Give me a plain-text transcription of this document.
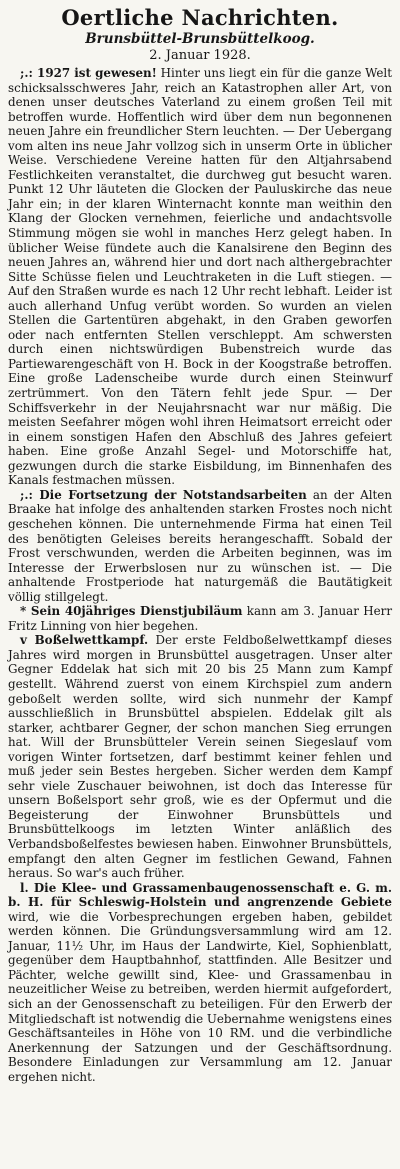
Oertliche Nachrichten.
Brunsbüttel-Brunsbüttelkoog.
2. Januar 1928.

;.: 1927 ist gewesen! Hinter uns liegt ein für die ganze Welt schicksalsschweres Jahr, reich an Katastrophen aller Art, von denen unser deutsches Vaterland zu einem großen Teil mit betroffen wurde. Hoffentlich wird über dem nun begonnenen neuen Jahre ein freundlicher Stern leuchten. — Der Uebergang vom alten ins neue Jahr vollzog sich in unserm Orte in üblicher Weise. Verschiedene Vereine hatten für den Altjahrsabend Festlichkeiten veranstaltet, die durchweg gut besucht waren. Punkt 12 Uhr läuteten die Glocken der Pauluskirche das neue Jahr ein; in der klaren Winternacht konnte man weithin den Klang der Glocken vernehmen, feierliche und andachtsvolle Stimmung mögen sie wohl in manches Herz gelegt haben. In üblicher Weise fündete auch die Kanalsirene den Beginn des neuen Jahres an, während hier und dort nach althergebrachter Sitte Schüsse fielen und Leuchtraketen in die Luft stiegen. — Auf den Straßen wurde es nach 12 Uhr recht lebhaft. Leider ist auch allerhand Unfug verübt worden. So wurden an vielen Stellen die Gartentüren abgehakt, in den Graben geworfen oder nach entfernten Stellen verschleppt. Am schwersten durch einen nichtswürdigen Bubenstreich wurde das Partiewarengeschäft von H. Bock in der Koogstraße betroffen. Eine große Ladenscheibe wurde durch einen Steinwurf zertrümmert. Von den Tätern fehlt jede Spur. — Der Schiffsverkehr in der Neujahrsnacht war nur mäßig. Die meisten Seefahrer mögen wohl ihren Heimatsort erreicht oder in einem sonstigen Hafen den Abschluß des Jahres gefeiert haben. Eine große Anzahl Segel- und Motorschiffe hat, gezwungen durch die starke Eisbildung, im Binnenhafen des Kanals festmachen müssen.

;.: Die Fortsetzung der Notstandsarbeiten an der Alten Braake hat infolge des anhaltenden starken Frostes noch nicht geschehen können. Die unternehmende Firma hat einen Teil des benötigten Geleises bereits herangeschafft. Sobald der Frost verschwunden, werden die Arbeiten beginnen, was im Interesse der Erwerbslosen nur zu wünschen ist. — Die anhaltende Frostperiode hat naturgemäß die Bautätigkeit völlig stillgelegt.

* Sein 40jähriges Dienstjubiläum kann am 3. Januar Herr Fritz Linning von hier begehen.

v Boßelwettkampf. Der erste Feldboßelwettkampf dieses Jahres wird morgen in Brunsbüttel ausgetragen. Unser alter Gegner Eddelak hat sich mit 20 bis 25 Mann zum Kampf gestellt. Während zuerst von einem Kirchspiel zum andern geboßelt werden sollte, wird sich nunmehr der Kampf ausschließlich in Brunsbüttel abspielen. Eddelak gilt als starker, achtbarer Gegner, der schon manchen Sieg errungen hat. Will der Brunsbütteler Verein seinen Siegeslauf vom vorigen Winter fortsetzen, darf bestimmt keiner fehlen und muß jeder sein Bestes hergeben. Sicher werden dem Kampf sehr viele Zuschauer beiwohnen, ist doch das Interesse für unsern Boßelsport sehr groß, wie es der Opfermut und die Begeisterung der Einwohner Brunsbüttels und Brunsbüttelkoogs im letzten Winter anläßlich des Verbandsboßelfestes bewiesen haben. Einwohner Brunsbüttels, empfangt den alten Gegner im festlichen Gewand, Fahnen heraus. So war's auch früher.

l. Die Klee- und Grassamenbaugenossenschaft e. G. m. b. H. für Schleswig-Holstein und angrenzende Gebiete wird, wie die Vorbesprechungen ergeben haben, gebildet werden können. Die Gründungsversammlung wird am 12. Januar, 11½ Uhr, im Haus der Landwirte, Kiel, Sophienblatt, gegenüber dem Hauptbahnhof, stattfinden. Alle Besitzer und Pächter, welche gewillt sind, Klee- und Grassamenbau in neuzeitlicher Weise zu betreiben, werden hiermit aufgefordert, sich an der Genossenschaft zu beteiligen. Für den Erwerb der Mitgliedschaft ist notwendig die Uebernahme wenigstens eines Geschäftsanteiles in Höhe von 10 RM. und die verbindliche Anerkennung der Satzungen und der Geschäftsordnung. Besondere Einladungen zur Versammlung am 12. Januar ergehen nicht.
